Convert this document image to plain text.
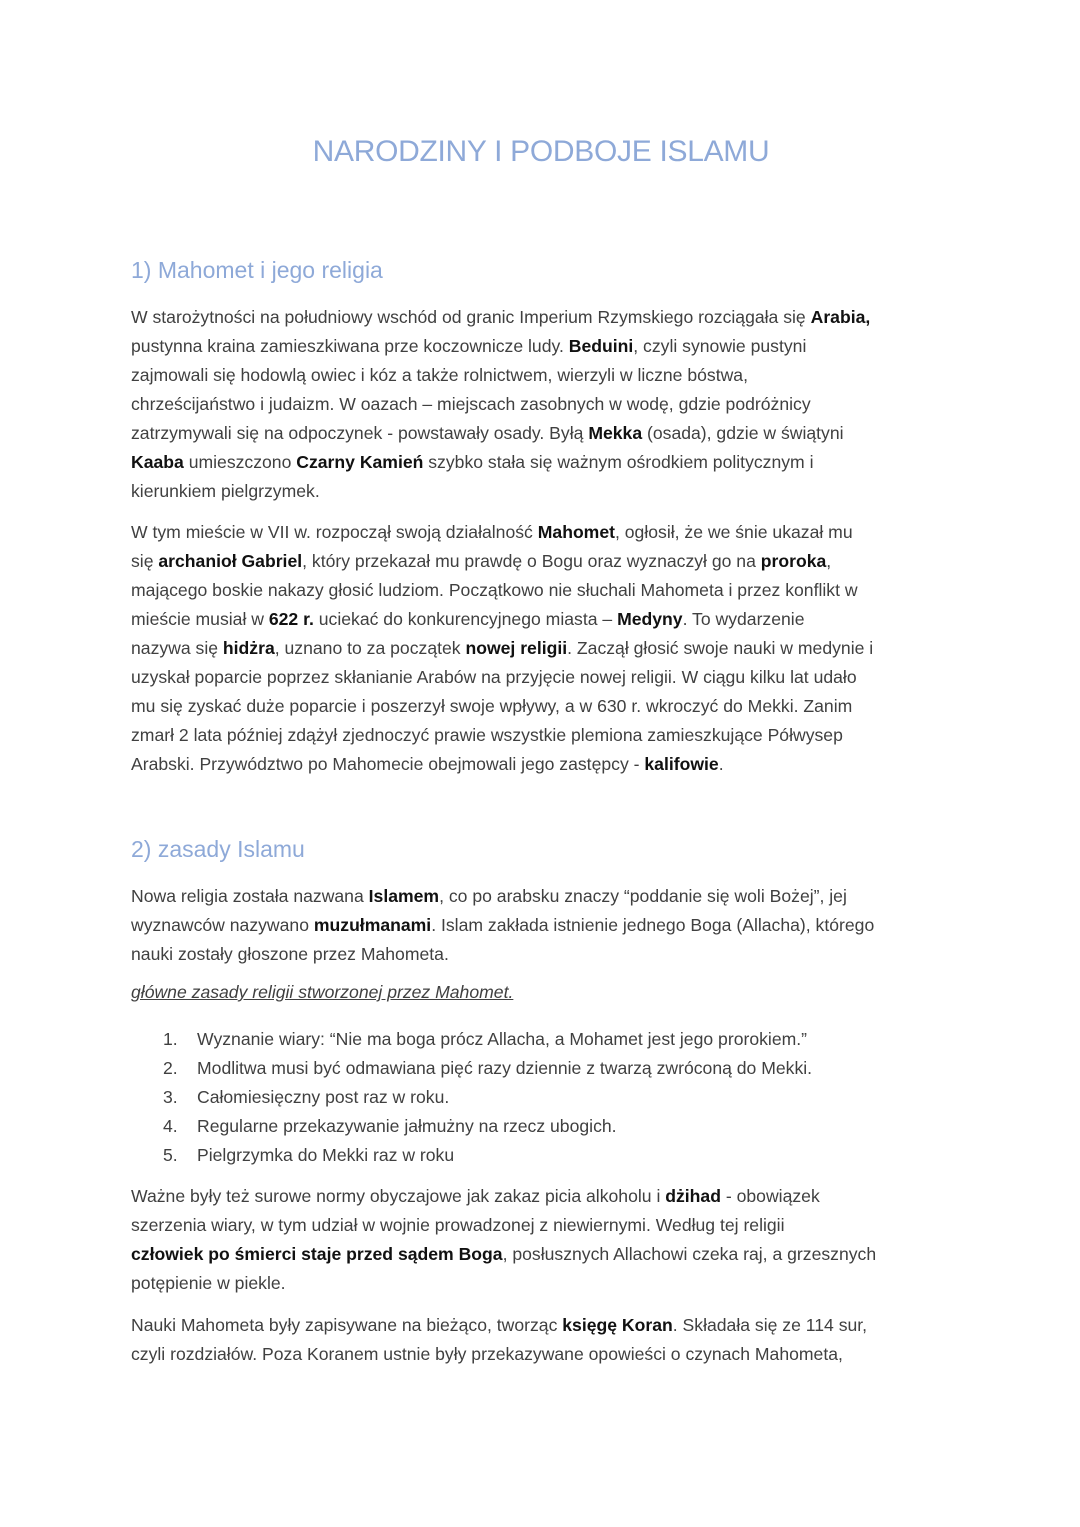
NARODZINY I PODBOJE ISLAMU
1) Mahomet i jego religia

W starożytności na południowy wschód od granic Imperium Rzymskiego rozciągała się Arabia,
pustynna kraina zamieszkiwana prze koczownicze ludy. Beduini, czyli synowie pustyni
zajmowali się hodowlą owiec i kóz a także rolnictwem, wierzyli w liczne bóstwa,
chrześcijaństwo i judaizm. W oazach – miejscach zasobnych w wodę, gdzie podróżnicy
zatrzymywali się na odpoczynek - powstawały osady. Byłą Mekka (osada), gdzie w świątyni
Kaaba umieszczono Czarny Kamień szybko stała się ważnym ośrodkiem politycznym i
kierunkiem pielgrzymek.

W tym mieście w VII w. rozpoczął swoją działalność Mahomet, ogłosił, że we śnie ukazał mu
się archanioł Gabriel, który przekazał mu prawdę o Bogu oraz wyznaczył go na proroka,
mającego boskie nakazy głosić ludziom. Początkowo nie słuchali Mahometa i przez konflikt w
mieście musiał w 622 r. uciekać do konkurencyjnego miasta – Medyny. To wydarzenie
nazywa się hidżra, uznano to za początek nowej religii. Zaczął głosić swoje nauki w medynie i
uzyskał poparcie poprzez skłanianie Arabów na przyjęcie nowej religii. W ciągu kilku lat udało
mu się zyskać duże poparcie i poszerzył swoje wpływy, a w 630 r. wkroczyć do Mekki. Zanim
zmarł 2 lata później zdążył zjednoczyć prawie wszystkie plemiona zamieszkujące Półwysep
Arabski. Przywództwo po Mahomecie obejmowali jego zastępcy - kalifowie.

2) zasady Islamu

Nowa religia została nazwana Islamem, co po arabsku znaczy “poddanie się woli Bożej”, jej
wyznawców nazywano muzułmanami. Islam zakłada istnienie jednego Boga (Allacha), którego
nauki zostały głoszone przez Mahometa.

główne zasady religii stworzonej przez Mahomet.

1.	Wyznanie wiary: “Nie ma boga prócz Allacha, a Mohamet jest jego prorokiem.”
2.	Modlitwa musi być odmawiana pięć razy dziennie z twarzą zwróconą do Mekki.
3.	Całomiesięczny post raz w roku.
4.	Regularne przekazywanie jałmużny na rzecz ubogich.
5.	Pielgrzymka do Mekki raz w roku

Ważne były też surowe normy obyczajowe jak zakaz picia alkoholu i dżihad - obowiązek
szerzenia wiary, w tym udział w wojnie prowadzonej z niewiernymi. Według tej religii
człowiek po śmierci staje przed sądem Boga, posłusznych Allachowi czeka raj, a grzesznych
potępienie w piekle.

Nauki Mahometa były zapisywane na bieżąco, tworząc księgę Koran. Składała się ze 114 sur,
czyli rozdziałów. Poza Koranem ustnie były przekazywane opowieści o czynach Mahometa,
